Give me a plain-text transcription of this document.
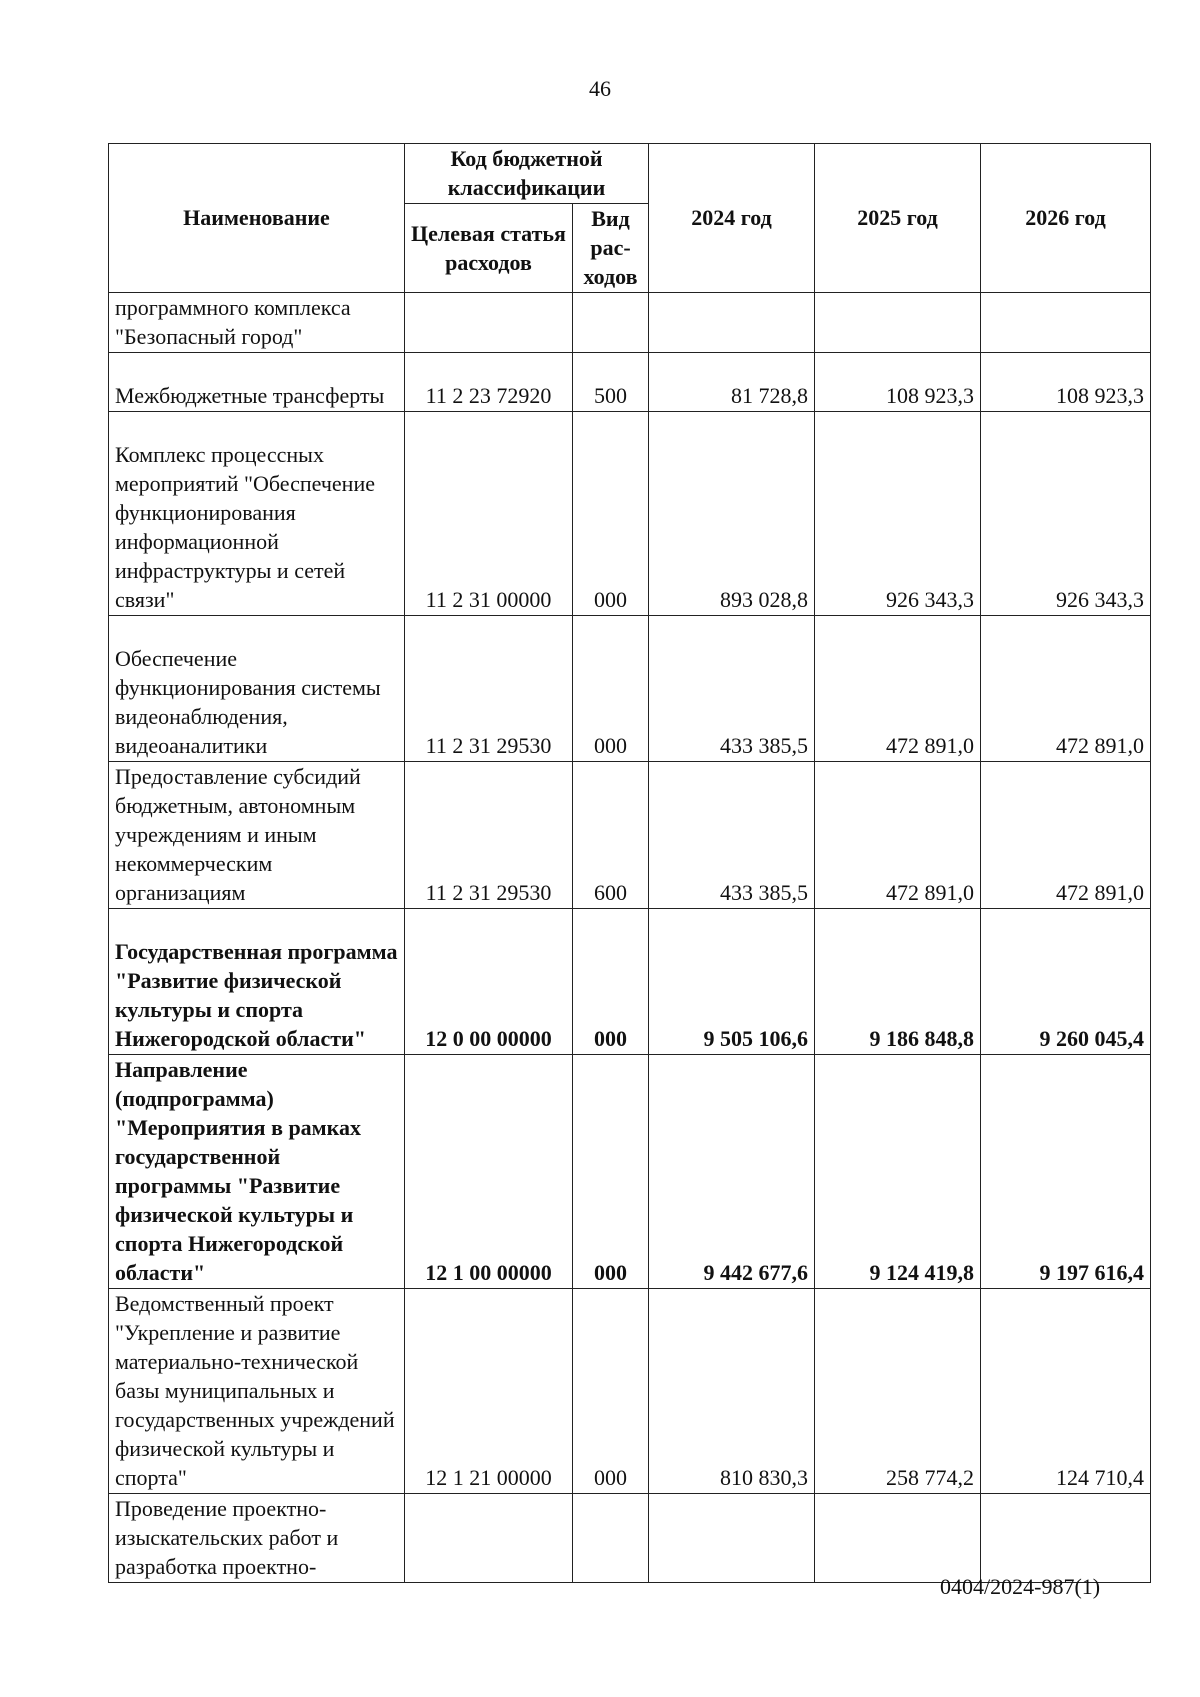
46
Наименование	Код бюджетной классификации		2024 год	2025 год	2026 год
	Целевая статья расходов	Вид рас-ходов			
программного комплекса "Безопасный город"					
Межбюджетные трансферты	11 2 23 72920	500	81 728,8	108 923,3	108 923,3
Комплекс процессных мероприятий "Обеспечение функционирования информационной инфраструктуры и сетей связи"	11 2 31 00000	000	893 028,8	926 343,3	926 343,3
Обеспечение функционирования системы видеонаблюдения, видеоаналитики	11 2 31 29530	000	433 385,5	472 891,0	472 891,0
Предоставление субсидий бюджетным, автономным учреждениям и иным некоммерческим организациям	11 2 31 29530	600	433 385,5	472 891,0	472 891,0
Государственная программа "Развитие физической культуры и спорта Нижегородской области"	12 0 00 00000	000	9 505 106,6	9 186 848,8	9 260 045,4
Направление (подпрограмма) "Мероприятия в рамках государственной программы "Развитие физической культуры и спорта Нижегородской области"	12 1 00 00000	000	9 442 677,6	9 124 419,8	9 197 616,4
Ведомственный проект "Укрепление и развитие материально-технической базы муниципальных и государственных учреждений физической культуры и спорта"	12 1 21 00000	000	810 830,3	258 774,2	124 710,4
Проведение проектно-изыскательских работ и разработка проектно-					
0404/2024-987(1)
